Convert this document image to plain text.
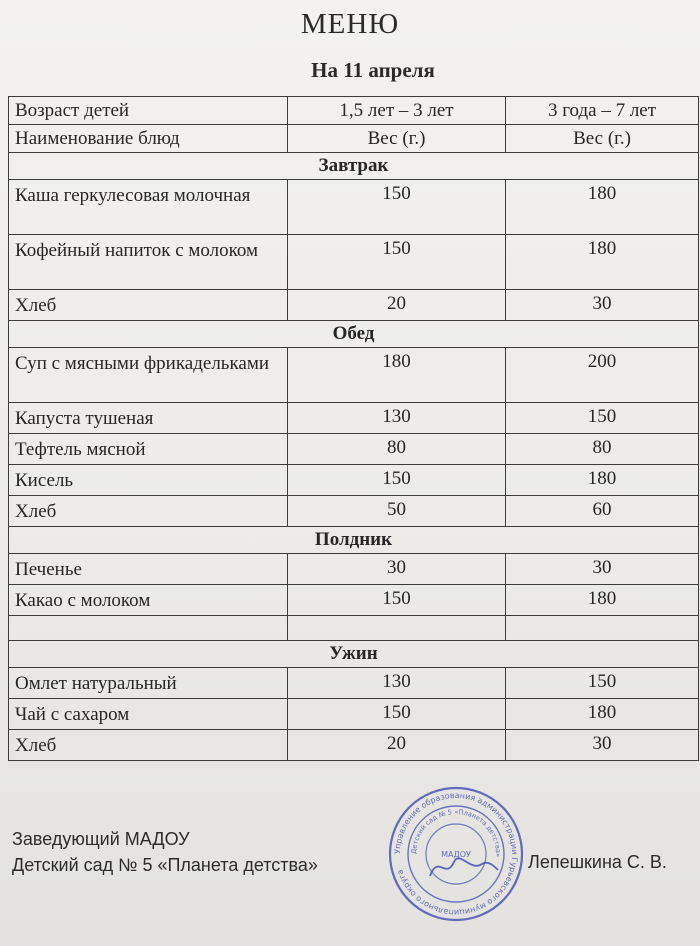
МЕНЮ
На 11 апреля
Возраст детей	1,5 лет – 3 лет	3 года – 7 лет
Наименование блюд	Вес (г.)	Вес (г.)
Завтрак		
Каша геркулесовая молочная	150	180
Кофейный напиток с молоком	150	180
Хлеб	20	30
Обед		
Суп с мясными фрикадельками	180	200
Капуста тушеная	130	150
Тефтель мясной	80	80
Кисель	150	180
Хлеб	50	60
Полдник		
Печенье	30	30
Какао с молоком	150	180

Ужин		
Омлет натуральный	130	150
Чай с сахаром	150	180
Хлеб	20	30
Заведующий МАДОУ
Детский сад № 5 «Планета детства»
Управление образования администрации Гурьевского муниципального округа
Детский сад № 5 «Планета детства»
МАДОУ	Лепешкина С. В.
